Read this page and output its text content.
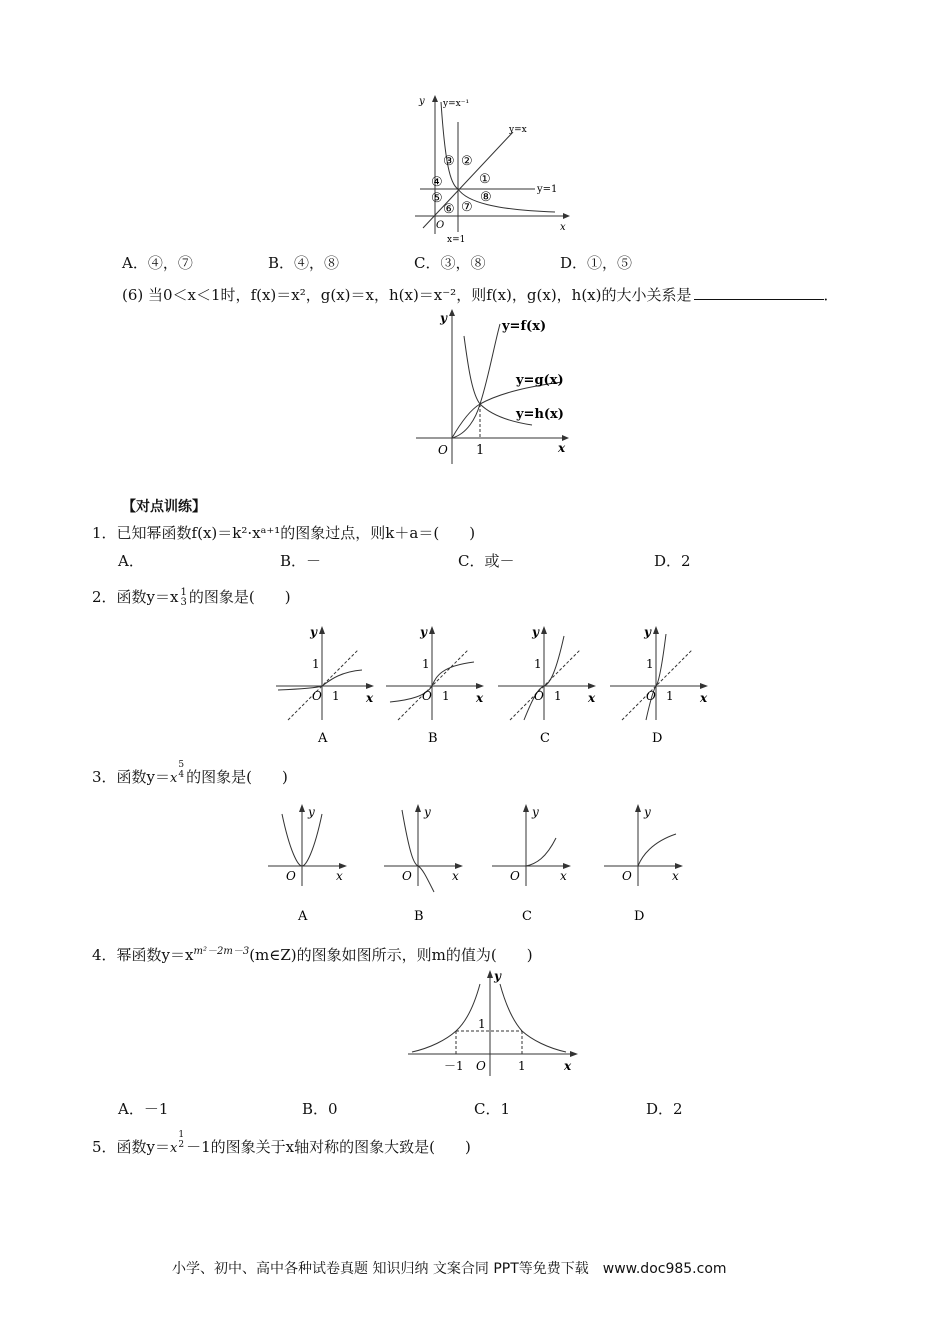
y y=x⁻¹
y=x
y=1
x
O
x=1
③ ②
①
④
⑤
⑥ ⑦
⑧
A．④，⑦	B．④，⑧	C．③，⑧	D．①，⑤
(6) 当0＜x＜1时，f(x)＝x²，g(x)＝x，h(x)＝x⁻²，则f(x)，g(x)，h(x)的大小关系是	．
y
y=f(x)
y=g(x)
y=h(x)
O 1	x
【对点训练】
1．已知幂函数f(x)＝k²·xᵃ⁺¹的图象过点，则k＋a＝(　　)
A．	B．－	C．或－	D．2
2．函数y＝x 1
3 的图象是(　　)
y
1
O 1 x
A
y
1
O 1 x
B
y
1
O 1 x
C
y
1
O 1 x
D
3．函数y＝x
5
4 的图象是(　　)
y
O	x
A
y
O	x
B
y
O	x
C
y
O	x
D
4．幂函数$y=x^{m^2-2m-3}(m\in Z)$的图象如图所示，则m的值为(　　)
y
1
－1 O	1	x
A．－1	B．0	C．1	D．2
5．函数y＝x
1
2 －1的图象关于x轴对称的图象大致是(　　)
小学、初中、高中各种试卷真题 知识归纳 文案合同 PPT等免费下载　www.doc985.com
